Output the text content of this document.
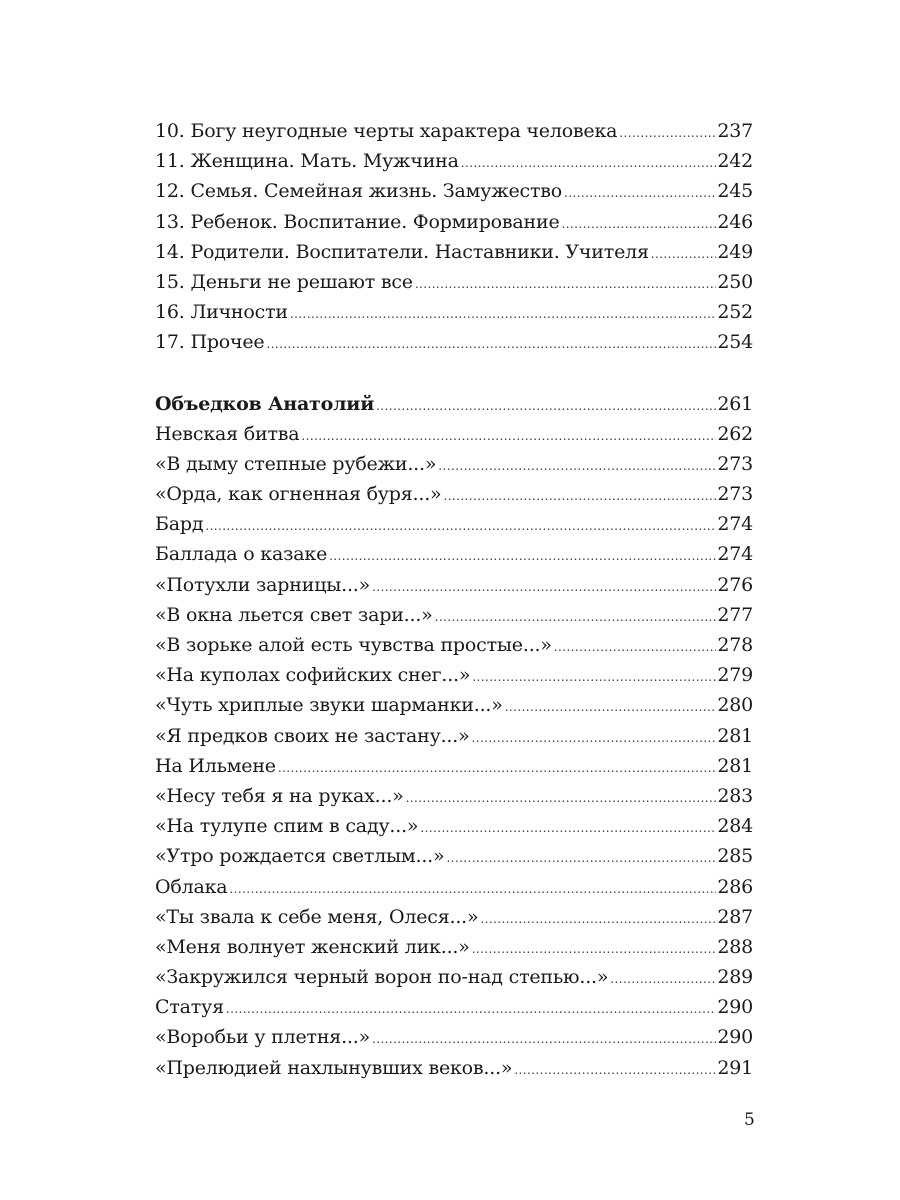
10. Богу неугодные черты характера человека .....	237
11. Женщина. Мать. Мужчина .....	242
12. Семья. Семейная жизнь. Замужество .....	245
13. Ребенок. Воспитание. Формирование .....	246
14. Родители. Воспитатели. Наставники. Учителя .....	249
15. Деньги не решают все .....	250
16. Личности .....	252
17. Прочее .....	254
Объедков Анатолий .....	261
Невская битва .....	262
«В дыму степные рубежи...» .....	273
«Орда, как огненная буря...» .....	273
Бард .....	274
Баллада о казаке .....	274
«Потухли зарницы...» .....	276
«В окна льется свет зари...» .....	277
«В зорьке алой есть чувства простые...» .....	278
«На куполах софийских снег...» .....	279
«Чуть хриплые звуки шарманки...» .....	280
«Я предков своих не застану...» .....	281
На Ильмене .....	281
«Несу тебя я на руках...» .....	283
«На тулупе спим в саду...» .....	284
«Утро рождается светлым...» .....	285
Облака .....	286
«Ты звала к себе меня, Олеся...» .....	287
«Меня волнует женский лик...» .....	288
«Закружился черный ворон по-над степью...» .....	289
Статуя .....	290
«Воробьи у плетня...» .....	290
«Прелюдией нахлынувших веков...» .....	291
5
